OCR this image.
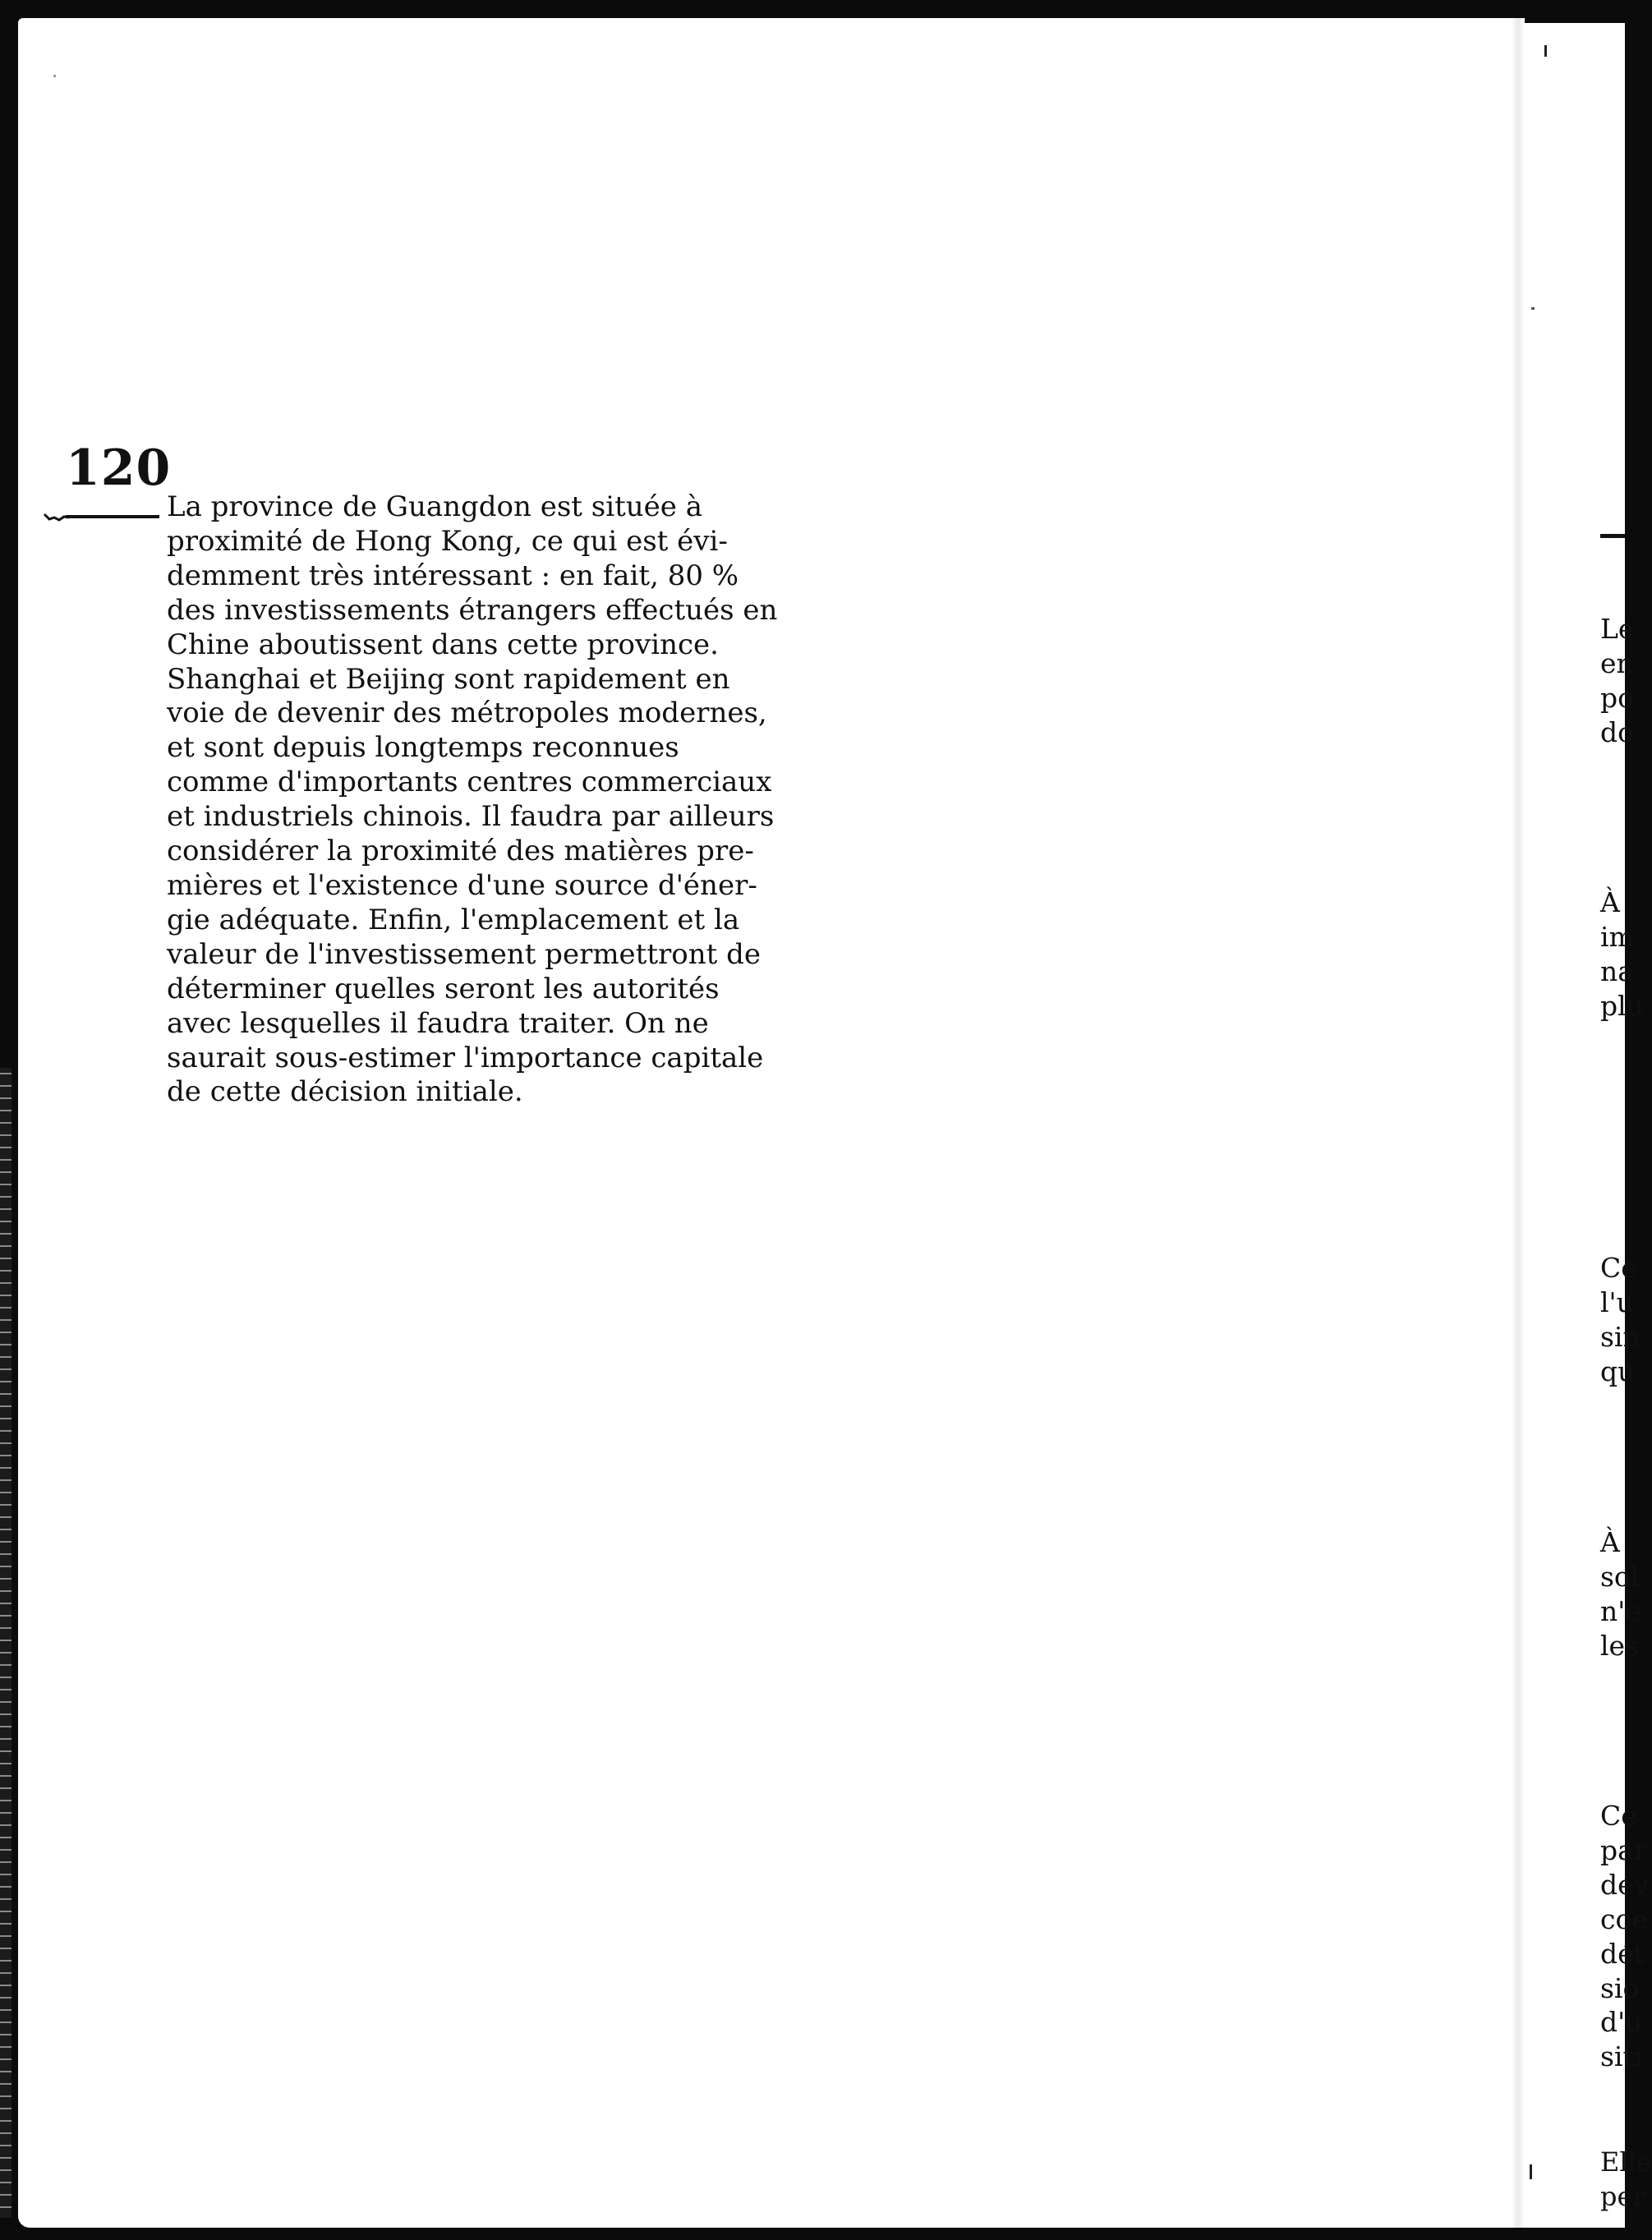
120

La province de Guangdon est située à
proximité de Hong Kong, ce qui est évi-
demment très intéressant : en fait, 80 %
des investissements étrangers effectués en
Chine aboutissent dans cette province.
Shanghai et Beijing sont rapidement en
voie de devenir des métropoles modernes,
et sont depuis longtemps reconnues
comme d'importants centres commerciaux
et industriels chinois. Il faudra par ailleurs
considérer la proximité des matières pre-
mières et l'existence d'une source d'éner-
gie adéquate. Enfin, l'emplacement et la
valeur de l'investissement permettront de
déterminer quelles seront les autorités
avec lesquelles il faudra traiter. On ne
saurait sous-estimer l'importance capitale
de cette décision initiale.

Le
en
po
do
À
im
na
plu
Ce
l'u
sin
qu
À
sol
n'e
les
Ce
par
dev
coe
dét
sio
d'u
siti
Elle
per
